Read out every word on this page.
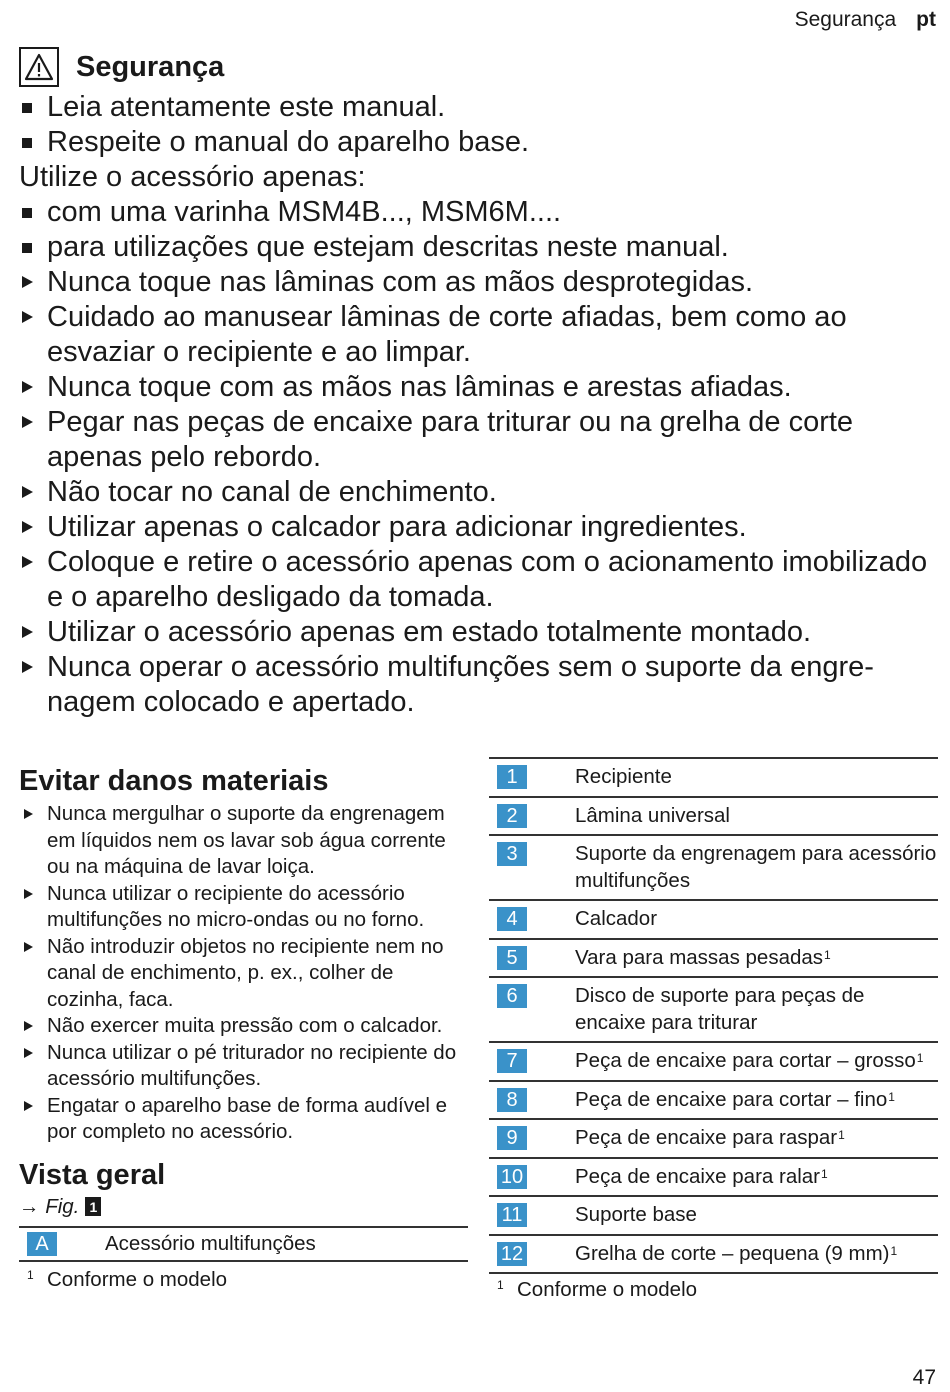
Segurança pt
Segurança
Leia atentamente este manual.
Respeite o manual do aparelho base.
Utilize o acessório apenas:
com uma varinha MSM4B..., MSM6M....
para utilizações que estejam descritas neste manual.
Nunca toque nas lâminas com as mãos desprotegidas.
Cuidado ao manusear lâminas de corte afiadas, bem como ao esvaziar o recipiente e ao limpar.
Nunca toque com as mãos nas lâminas e arestas afiadas.
Pegar nas peças de encaixe para triturar ou na grelha de corte apenas pelo rebordo.
Não tocar no canal de enchimento.
Utilizar apenas o calcador para adicionar ingredientes.
Coloque e retire o acessório apenas com o acionamento imobilizado e o aparelho desligado da tomada.
Utilizar o acessório apenas em estado totalmente montado.
Nunca operar o acessório multifunções sem o suporte da engrenagem colocado e apertado.
Evitar danos materiais
Nunca mergulhar o suporte da engrenagem em líquidos nem os lavar sob água corrente ou na máquina de lavar loiça.
Nunca utilizar o recipiente do acessório multifunções no micro-ondas ou no forno.
Não introduzir objetos no recipiente nem no canal de enchimento, p. ex., colher de cozinha, faca.
Não exercer muita pressão com o calcador.
Nunca utilizar o pé triturador no recipiente do acessório multifunções.
Engatar o aparelho base de forma audível e por completo no acessório.
Vista geral
→ Fig. 1
A	Acessório multifunções
1 Conforme o modelo
1	Recipiente
2	Lâmina universal
3	Suporte da engrenagem para acessório multifunções
4	Calcador
5	Vara para massas pesadas$^1$
6	Disco de suporte para peças de encaixe para triturar
7	Peça de encaixe para cortar – grosso$^1$
8	Peça de encaixe para cortar – fino$^1$
9	Peça de encaixe para raspar$^1$
10	Peça de encaixe para ralar$^1$
11	Suporte base
12	Grelha de corte – pequena (9 mm)$^1$
1 Conforme o modelo
47
